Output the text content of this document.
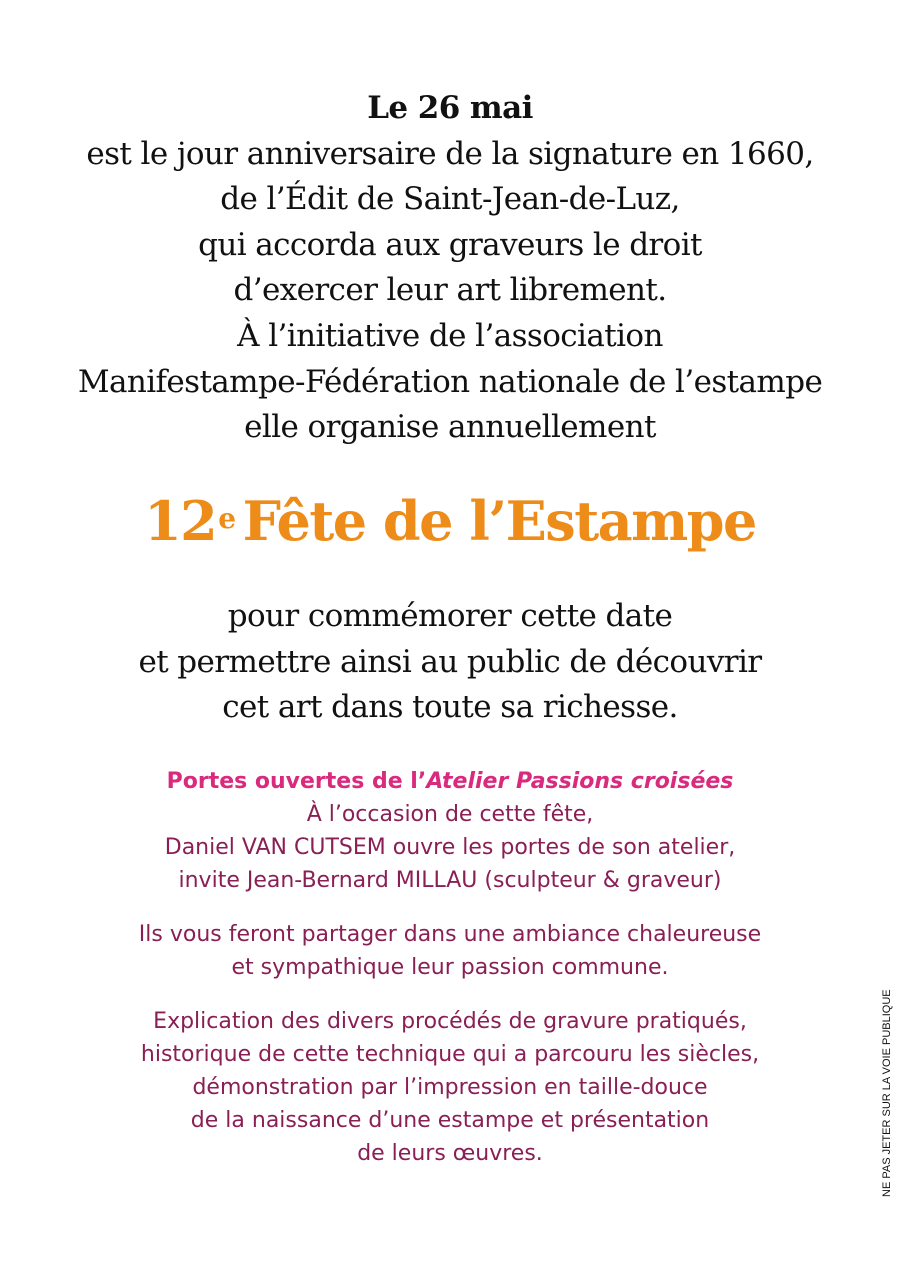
Le 26 mai
est le jour anniversaire de la signature en 1660,
de l’Édit de Saint-Jean-de-Luz,
qui accorda aux graveurs le droit
d’exercer leur art librement.
À l’initiative de l’association
Manifestampe-Fédération nationale de l’estampe
elle organise annuellement
12e Fête de l’Estampe
pour commémorer cette date
et permettre ainsi au public de découvrir
cet art dans toute sa richesse.
Portes ouvertes de l’Atelier Passions croisées
À l’occasion de cette fête,
Daniel VAN CUTSEM ouvre les portes de son atelier,
invite Jean-Bernard MILLAU (sculpteur & graveur)
Ils vous feront partager dans une ambiance chaleureuse
et sympathique leur passion commune.
Explication des divers procédés de gravure pratiqués,
historique de cette technique qui a parcouru les siècles,
démonstration par l’impression en taille-douce
de la naissance d’une estampe et présentation
de leurs œuvres.	NE PAS JETER SUR LA VOIE PUBLIQUE
